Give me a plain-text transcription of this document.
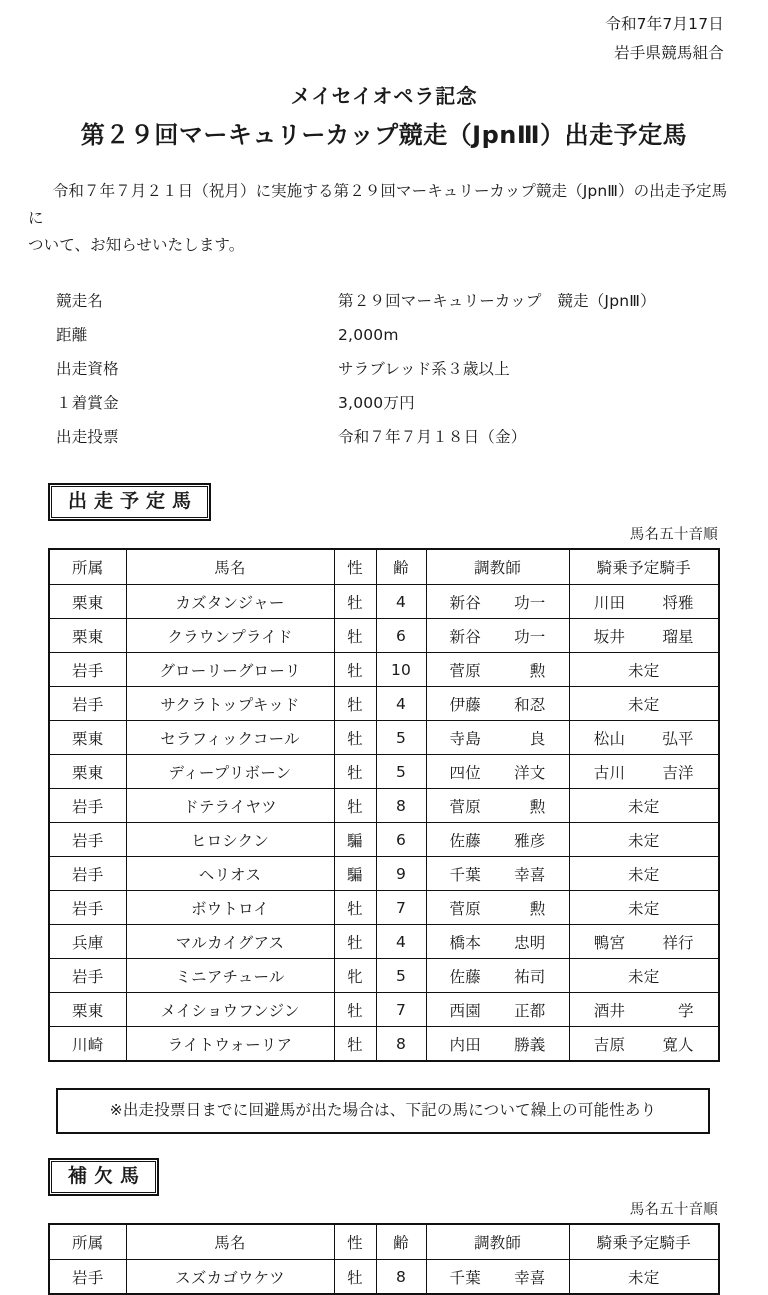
令和7年7月17日
岩手県競馬組合
メイセイオペラ記念
第２９回マーキュリーカップ競走（JpnⅢ）出走予定馬
令和７年７月２１日（祝月）に実施する第２９回マーキュリーカップ競走（JpnⅢ）の出走予定馬に
ついて、お知らせいたします。
競走名	第２９回マーキュリーカップ　競走（JpnⅢ）
距離	2,000m
出走資格	サラブレッド系３歳以上
１着賞金	3,000万円
出走投票	令和７年７月１８日（金）
出走予定馬
馬名五十音順
所属	馬名	性	齢	調教師	騎乗予定騎手
栗東	カズタンジャー	牡	4	新谷 功一	川田 将雅

栗東	クラウンプライド	牡	6	新谷 功一	坂井 瑠星

岩手	グローリーグローリ	牡	10	菅原 勲	未定
岩手	サクラトップキッド	牡	4	伊藤 和忍	未定
栗東	セラフィックコール	牡	5	寺島 良	松山 弘平

栗東	ディープリボーン	牡	5	四位 洋文	古川 吉洋

岩手	ドテライヤツ	牡	8	菅原 勲	未定
岩手	ヒロシクン	騙	6	佐藤 雅彦	未定
岩手	ヘリオス	騙	9	千葉 幸喜	未定
岩手	ボウトロイ	牡	7	菅原 勲	未定
兵庫	マルカイグアス	牡	4	橋本 忠明	鴨宮 祥行

岩手	ミニアチュール	牝	5	佐藤 祐司	未定
栗東	メイショウフンジン	牡	7	西園 正都	酒井 学

川崎	ライトウォーリア	牡	8	内田 勝義	吉原 寛人
※出走投票日までに回避馬が出た場合は、下記の馬について繰上の可能性あり
補欠馬
馬名五十音順
所属	馬名	性	齢	調教師	騎乗予定騎手
岩手	スズカゴウケツ	牡	8	千葉 幸喜	未定
